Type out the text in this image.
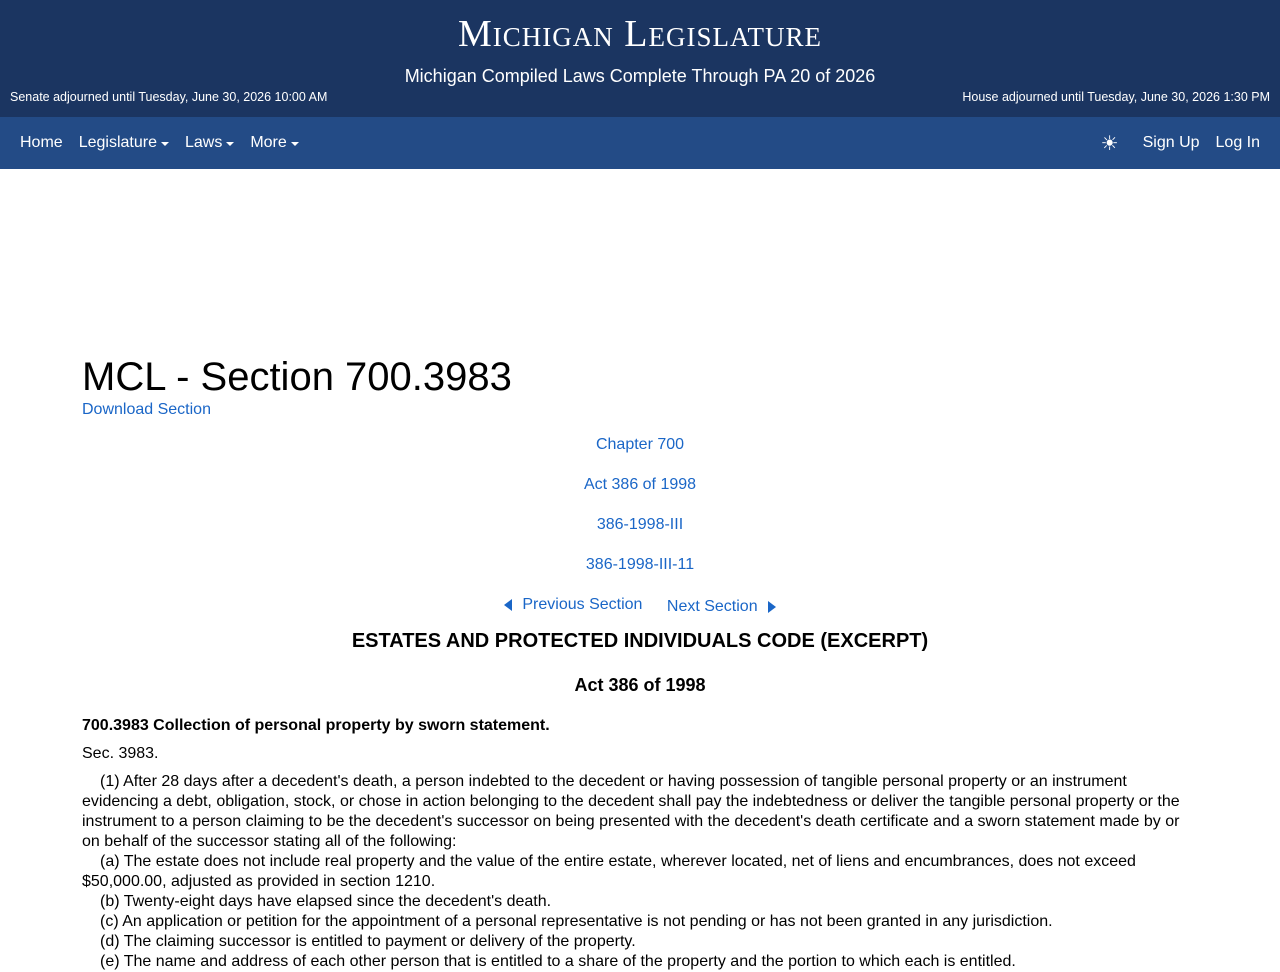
Michigan Legislature
Michigan Compiled Laws Complete Through PA 20 of 2026
Senate adjourned until Tuesday, June 30, 2026 10:00 AM	House adjourned until Tuesday, June 30, 2026 1:30 PM
Home Legislature Laws More	☀ Sign Up Log In
MCL - Section 700.3983
Download Section
Chapter 700
Act 386 of 1998
386-1998-III
386-1998-III-11
Previous Section
Next Section
ESTATES AND PROTECTED INDIVIDUALS CODE (EXCERPT)
Act 386 of 1998
700.3983 Collection of personal property by sworn statement.
Sec. 3983.

(1) After 28 days after a decedent's death, a person indebted to the decedent or having possession of tangible personal property or an instrument evidencing a debt, obligation, stock, or chose in action belonging to the decedent shall pay the indebtedness or deliver the tangible personal property or the instrument to a person claiming to be the decedent's successor on being presented with the decedent's death certificate and a sworn statement made by or on behalf of the successor stating all of the following:

(a) The estate does not include real property and the value of the entire estate, wherever located, net of liens and encumbrances, does not exceed $50,000.00, adjusted as provided in section 1210.

(b) Twenty-eight days have elapsed since the decedent's death.

(c) An application or petition for the appointment of a personal representative is not pending or has not been granted in any jurisdiction.

(d) The claiming successor is entitled to payment or delivery of the property.

(e) The name and address of each other person that is entitled to a share of the property and the portion to which each is entitled.
